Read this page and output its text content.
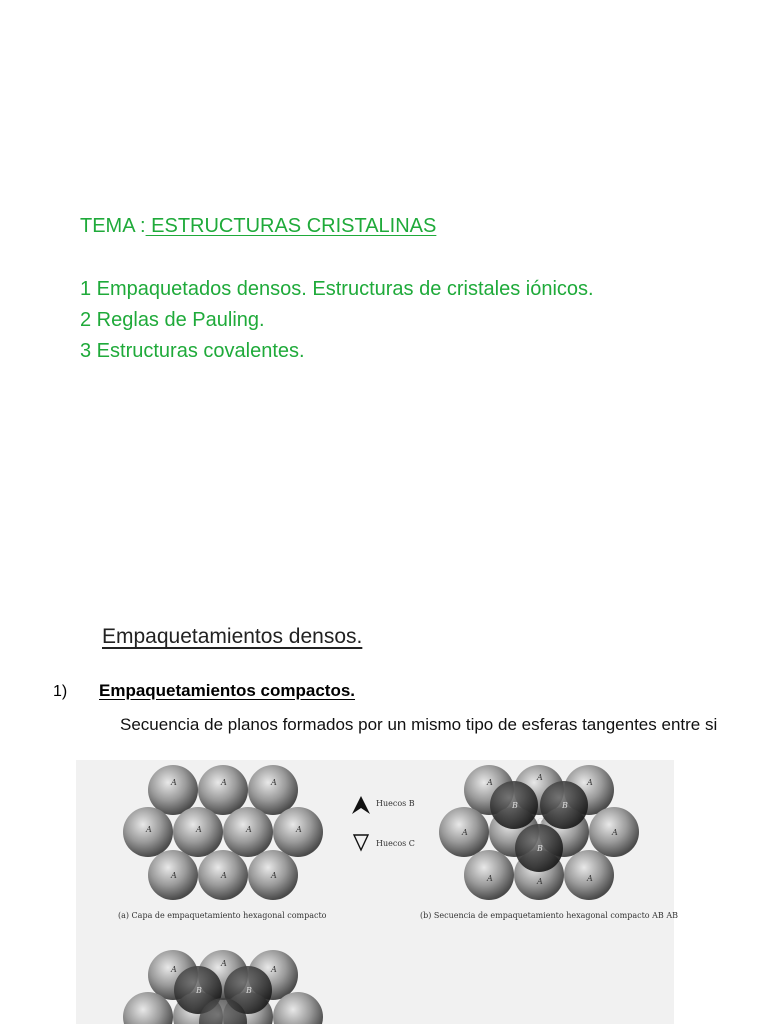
TEMA : ESTRUCTURAS CRISTALINAS
1 Empaquetados densos. Estructuras de cristales iónicos.
2 Reglas de Pauling.
3 Estructuras covalentes.
Empaquetamientos densos.
1) Empaquetamientos compactos.
Secuencia de planos formados por un mismo tipo de esferas tangentes entre si
A	A	A
A	A	A	A
A	A	A
Huecos B
Huecos C
A
A
A
A	A
A	A	A
B	B
C
B
A
A
A
B	B
(a) Capa de empaquetamiento hexagonal compacto	(b) Secuencia de empaquetamiento hexagonal compacto AB AB
